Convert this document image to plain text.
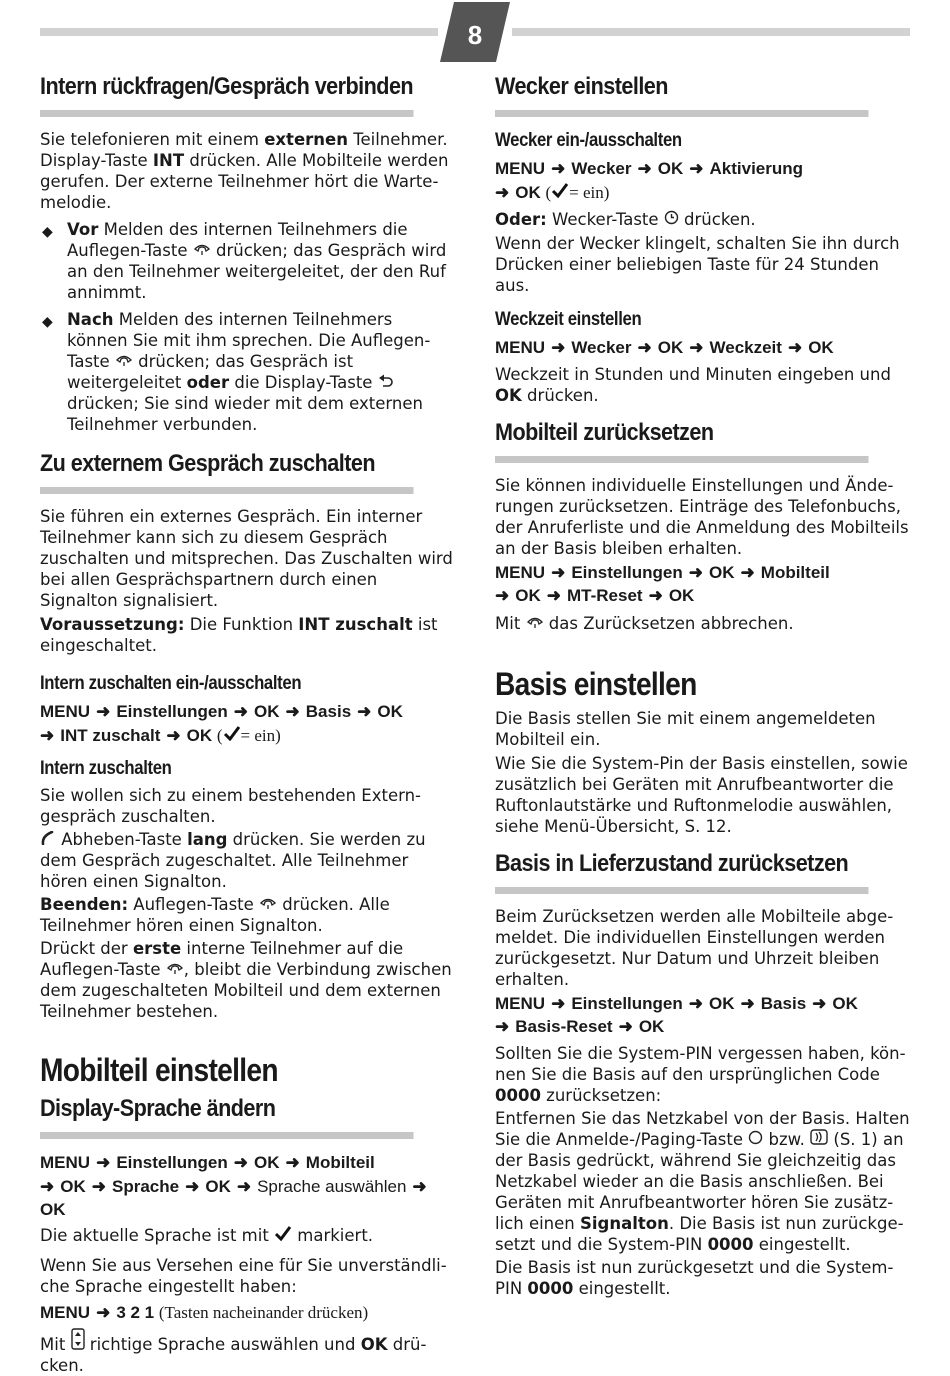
8
Intern rückfragen/Gespräch verbinden

Sie telefonieren mit einem externen Teilnehmer. Display-Taste INT drücken. Alle Mobilteile werden gerufen. Der externe Teilnehmer hört die Wartemelodie.

◆ Vor Melden des internen Teilnehmers die Auflegen-Taste  drücken; das Gespräch wird an den Teilnehmer weitergeleitet, der den Ruf annimmt.

◆ Nach Melden des internen Teilnehmers können Sie mit ihm sprechen. Die Auflegen-Taste  drücken; das Gespräch ist weitergeleitet oder die Display-Taste  drücken; Sie sind wieder mit dem externen Teilnehmer verbunden.

Zu externem Gespräch zuschalten

Sie führen ein externes Gespräch. Ein interner Teilnehmer kann sich zu diesem Gespräch zuschalten und mitsprechen. Das Zuschalten wird bei allen Gesprächspartnern durch einen Signalton signalisiert.

Voraussetzung: Die Funktion INT zuschalt ist eingeschaltet.

Intern zuschalten ein-/ausschalten
MENU ➜ Einstellungen ➜ OK ➜ Basis ➜ OK
➜ INT zuschalt ➜ OK ( = ein)
Intern zuschalten

Sie wollen sich zu einem bestehenden Externgespräch zuschalten.

Abheben-Taste lang drücken. Sie werden zu dem Gespräch zugeschaltet. Alle Teilnehmer hören einen Signalton.

Beenden: Auflegen-Taste  drücken. Alle Teilnehmer hören einen Signalton.

Drückt der erste interne Teilnehmer auf die Auflegen-Taste , bleibt die Verbindung zwischen dem zugeschalteten Mobilteil und dem externen Teilnehmer bestehen.

Mobilteil einstellen
Display-Sprache ändern
MENU ➜ Einstellungen ➜ OK ➜ Mobilteil
➜ OK ➜ Sprache ➜ OK ➜ Sprache auswählen ➜OK

Die aktuelle Sprache ist mit  markiert.

Wenn Sie aus Versehen eine für Sie unverständliche Sprache eingestellt haben:

MENU ➜ 3 2 1 (Tasten nacheinander drücken)

Mit  richtige Sprache auswählen und OK drücken.

Wecker einstellen
Wecker ein-/ausschalten
MENU ➜ Wecker ➜ OK ➜ Aktivierung
➜ OK ( = ein)

Oder: Wecker-Taste  drücken.

Wenn der Wecker klingelt, schalten Sie ihn durch Drücken einer beliebigen Taste für 24 Stunden aus.

Weckzeit einstellen
MENU ➜ Wecker ➜ OK ➜ Weckzeit ➜ OK

Weckzeit in Stunden und Minuten eingeben und OK drücken.

Mobilteil zurücksetzen

Sie können individuelle Einstellungen und Änderungen zurücksetzen. Einträge des Telefonbuchs, der Anruferliste und die Anmeldung des Mobilteils an der Basis bleiben erhalten.

MENU ➜ Einstellungen ➜ OK ➜ Mobilteil
➜ OK ➜ MT-Reset ➜ OK

Mit  das Zurücksetzen abbrechen.

Basis einstellen

Die Basis stellen Sie mit einem angemeldeten Mobilteil ein.

Wie Sie die System-Pin der Basis einstellen, sowie zusätzlich bei Geräten mit Anrufbeantworter die Ruftonlautstärke und Ruftonmelodie auswählen, siehe Menü-Übersicht, S. 12.

Basis in Lieferzustand zurücksetzen

Beim Zurücksetzen werden alle Mobilteile abgemeldet. Die individuellen Einstellungen werden zurückgesetzt. Nur Datum und Uhrzeit bleiben erhalten.

MENU ➜ Einstellungen ➜ OK ➜ Basis ➜ OK
➜ Basis-Reset ➜ OK

Sollten Sie die System-PIN vergessen haben, können Sie die Basis auf den ursprünglichen Code 0000 zurücksetzen:

Entfernen Sie das Netzkabel von der Basis. Halten Sie die Anmelde-/Paging-Taste  bzw.  (S. 1) an der Basis gedrückt, während Sie gleichzeitig das Netzkabel wieder an die Basis anschließen. Bei Geräten mit Anrufbeantworter hören Sie zusätzlich einen Signalton. Die Basis ist nun zurückgesetzt und die System-PIN 0000 eingestellt.

Die Basis ist nun zurückgesetzt und die System-PIN 0000 eingestellt.
